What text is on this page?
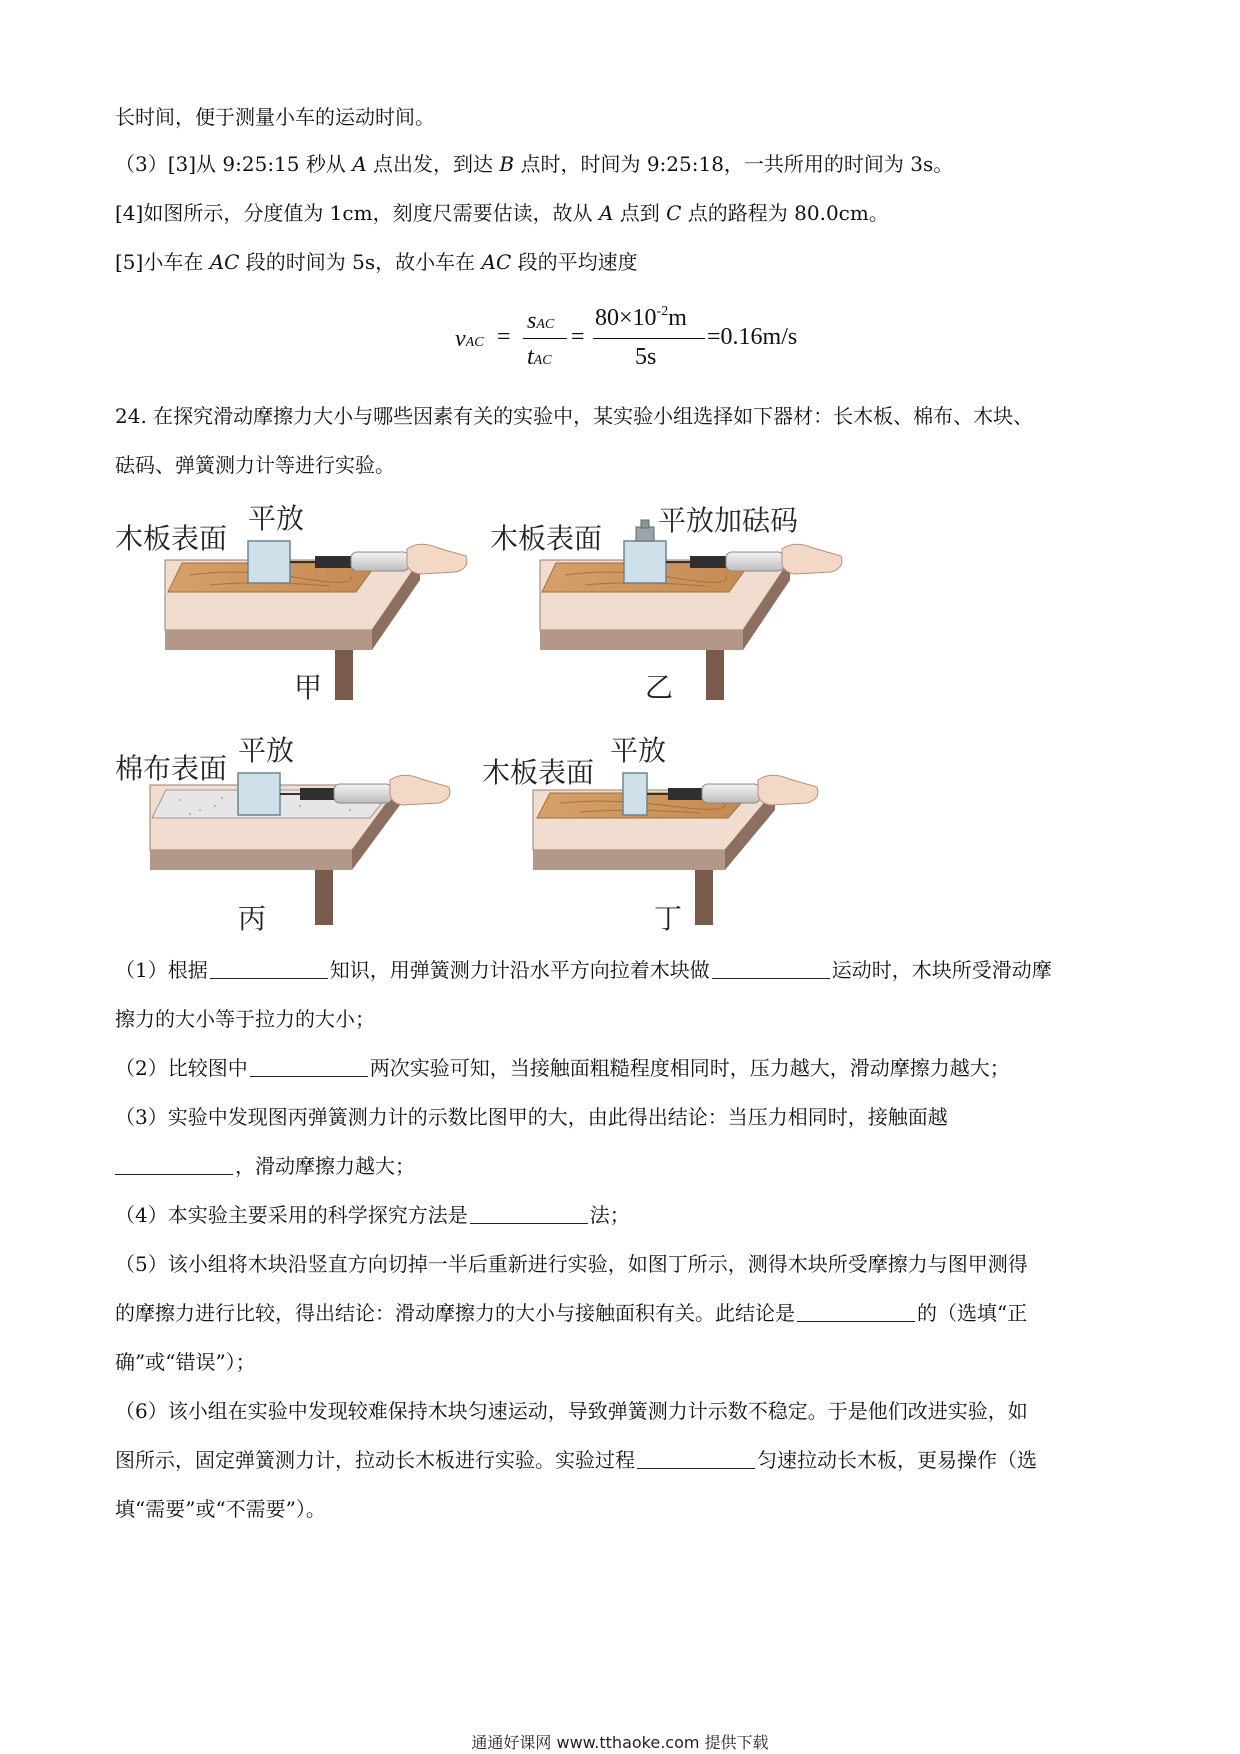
长时间，便于测量小车的运动时间。
（3）[3]从 9:25:15 秒从 A 点出发，到达 B 点时，时间为 9:25:18，一共所用的时间为 3s。
[4]如图所示，分度值为 1cm，刻度尺需要估读，故从 A 点到 C 点的路程为 80.0cm。
[5]小车在 AC 段的时间为 5s，故小车在 AC 段的平均速度
vAC =
sAC
tAC
=
$80\times 10^{-2}m$
5s
=0.16m/s
24. 在探究滑动摩擦力大小与哪些因素有关的实验中，某实验小组选择如下器材：长木板、棉布、木块、
砝码、弹簧测力计等进行实验。
木板表面
平放
甲
木板表面
平放加砝码
乙
棉布表面
平放
丙
木板表面
平放
丁
（1）根据	知识，用弹簧测力计沿水平方向拉着木块做	运动时，木块所受滑动摩
擦力的大小等于拉力的大小；
（2）比较图中	两次实验可知，当接触面粗糙程度相同时，压力越大，滑动摩擦力越大；
（3）实验中发现图丙弹簧测力计的示数比图甲的大，由此得出结论：当压力相同时，接触面越
，滑动摩擦力越大；
（4）本实验主要采用的科学探究方法是	法；
（5）该小组将木块沿竖直方向切掉一半后重新进行实验，如图丁所示，测得木块所受摩擦力与图甲测得
的摩擦力进行比较，得出结论：滑动摩擦力的大小与接触面积有关。此结论是	的（选填“正
确”或“错误”）；
（6）该小组在实验中发现较难保持木块匀速运动，导致弹簧测力计示数不稳定。于是他们改进实验，如
图所示，固定弹簧测力计，拉动长木板进行实验。实验过程	匀速拉动长木板，更易操作（选
填“需要”或“不需要”）。
通通好课网 www.tthaoke.com 提供下载
